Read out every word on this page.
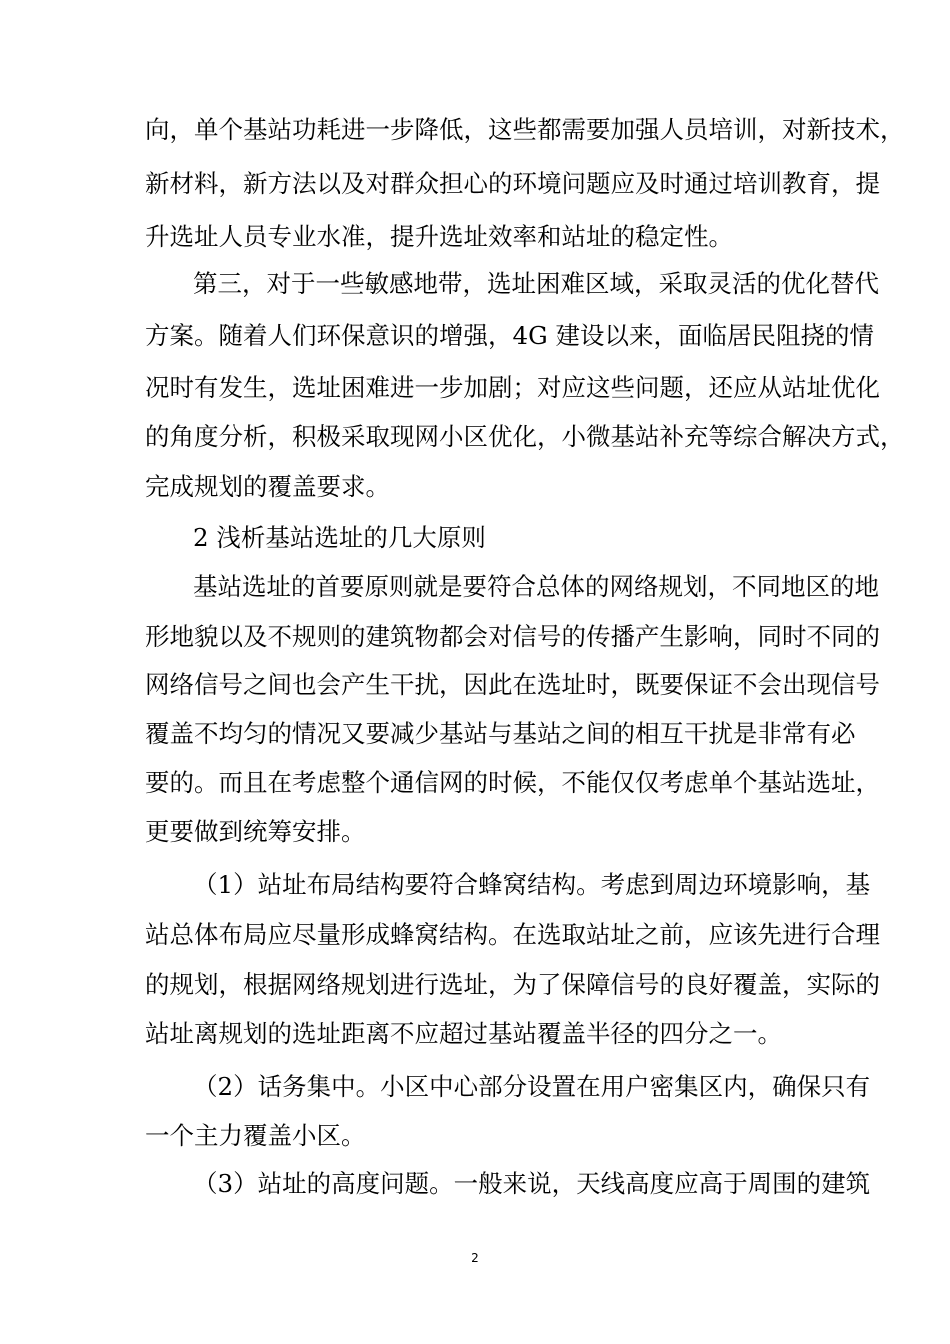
向，单个基站功耗进一步降低，这些都需要加强人员培训，对新技术，
新材料，新方法以及对群众担心的环境问题应及时通过培训教育，提
升选址人员专业水准，提升选址效率和站址的稳定性。
第三，对于一些敏感地带，选址困难区域，采取灵活的优化替代
方案。随着人们环保意识的增强，4G 建设以来，面临居民阻挠的情
况时有发生，选址困难进一步加剧；对应这些问题，还应从站址优化
的角度分析，积极采取现网小区优化，小微基站补充等综合解决方式，
完成规划的覆盖要求。
2 浅析基站选址的几大原则
基站选址的首要原则就是要符合总体的网络规划，不同地区的地
形地貌以及不规则的建筑物都会对信号的传播产生影响，同时不同的
网络信号之间也会产生干扰，因此在选址时，既要保证不会出现信号
覆盖不均匀的情况又要减少基站与基站之间的相互干扰是非常有必
要的。而且在考虑整个通信网的时候，不能仅仅考虑单个基站选址，
更要做到统筹安排。
（1）站址布局结构要符合蜂窝结构。考虑到周边环境影响，基
站总体布局应尽量形成蜂窝结构。在选取站址之前，应该先进行合理
的规划，根据网络规划进行选址，为了保障信号的良好覆盖，实际的
站址离规划的选址距离不应超过基站覆盖半径的四分之一。
（2）话务集中。小区中心部分设置在用户密集区内，确保只有
一个主力覆盖小区。
（3）站址的高度问题。一般来说，天线高度应高于周围的建筑
2
